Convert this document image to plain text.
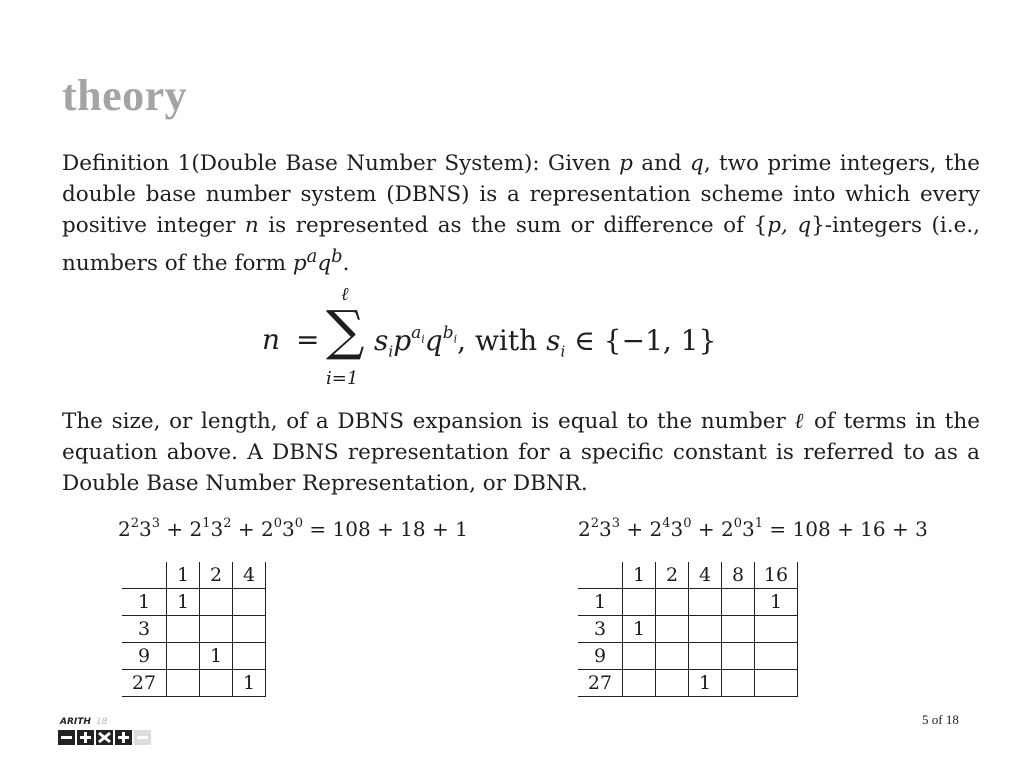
theory
Definition 1(Double Base Number System): Given p and q, two prime integers, the double base number system (DBNS) is a representation scheme into which every positive integer n is represented as the sum or difference of {p, q}-integers (i.e., numbers of the form $p^aq^b$.
n = ∑
ℓ
i=1
$s_ip^{a_i}q^{b_i}$, with $s_i$ ∈ {−1, 1}
The size, or length, of a DBNS expansion is equal to the number ℓ of terms in the equation above. A DBNS representation for a specific constant is referred to as a Double Base Number Representation, or DBNR.
$2^23^3 + 2^13^2 + 2^03^0 = 108 + 18 + 1$	$2^23^3 + 2^43^0 + 2^03^1 = 108 + 16 + 3$
	1	2	4
1	1		
3			
9		1	
27			1
	1	2	4	8	16
1					1
3	1				
9					
27			1		
ARITH 18	5 of 18
